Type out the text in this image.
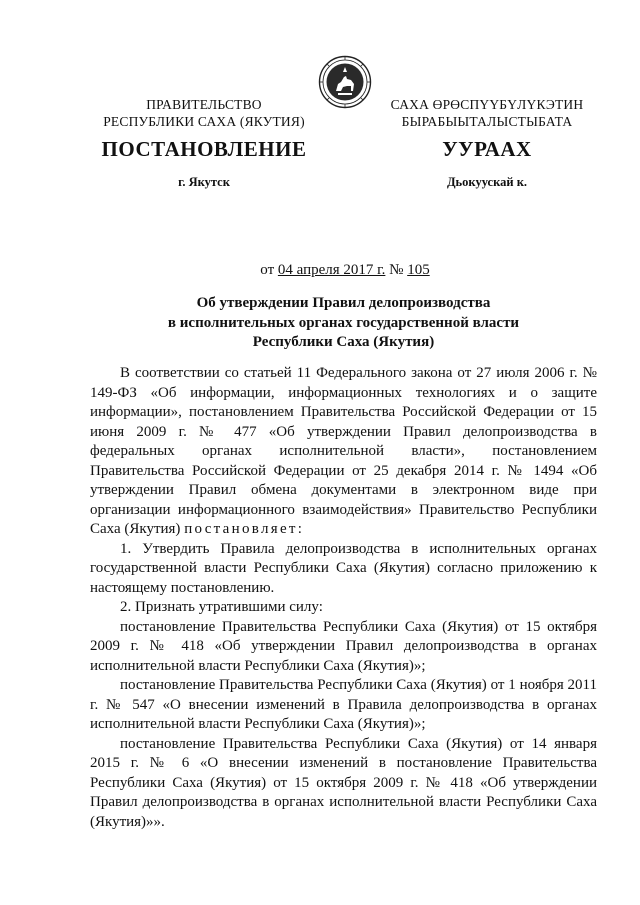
ПРАВИТЕЛЬСТВО
РЕСПУБЛИКИ САХА (ЯКУТИЯ)
САХА ӨРӨСПҮҮБҮЛҮКЭТИН
БЫРАБЫЫТАЛЫСТЫБАТА
ПОСТАНОВЛЕНИЕ	УУРААХ
г. Якутск	Дьокуускай к.
от 04 апреля 2017 г. № 105
Об утверждении Правил делопроизводства
в исполнительных органах государственной власти
Республики Саха (Якутия)

В соответствии со статьей 11 Федерального закона от 27 июля 2006 г. № 149-ФЗ «Об информации, информационных технологиях и о защите информации», постановлением Правительства Российской Федерации от 15 июня 2009 г. № 477 «Об утверждении Правил делопроизводства в федеральных органах исполнительной власти», постановлением Правительства Российской Федерации от 25 декабря 2014 г. № 1494 «Об утверждении Правил обмена документами в электронном виде при организации информационного взаимодействия» Правительство Республики Саха (Якутия) постановляет:

1. Утвердить Правила делопроизводства в исполнительных органах государственной власти Республики Саха (Якутия) согласно приложению к настоящему постановлению.

2. Признать утратившими силу:

постановление Правительства Республики Саха (Якутия) от 15 октября 2009 г. № 418 «Об утверждении Правил делопроизводства в органах исполнительной власти Республики Саха (Якутия)»;

постановление Правительства Республики Саха (Якутия) от 1 ноября 2011 г. № 547 «О внесении изменений в Правила делопроизводства в органах исполнительной власти Республики Саха (Якутия)»;

постановление Правительства Республики Саха (Якутия) от 14 января 2015 г. № 6 «О внесении изменений в постановление Правительства Республики Саха (Якутия) от 15 октября 2009 г. № 418 «Об утверждении Правил делопроизводства в органах исполнительной власти Республики Саха (Якутия)»».
